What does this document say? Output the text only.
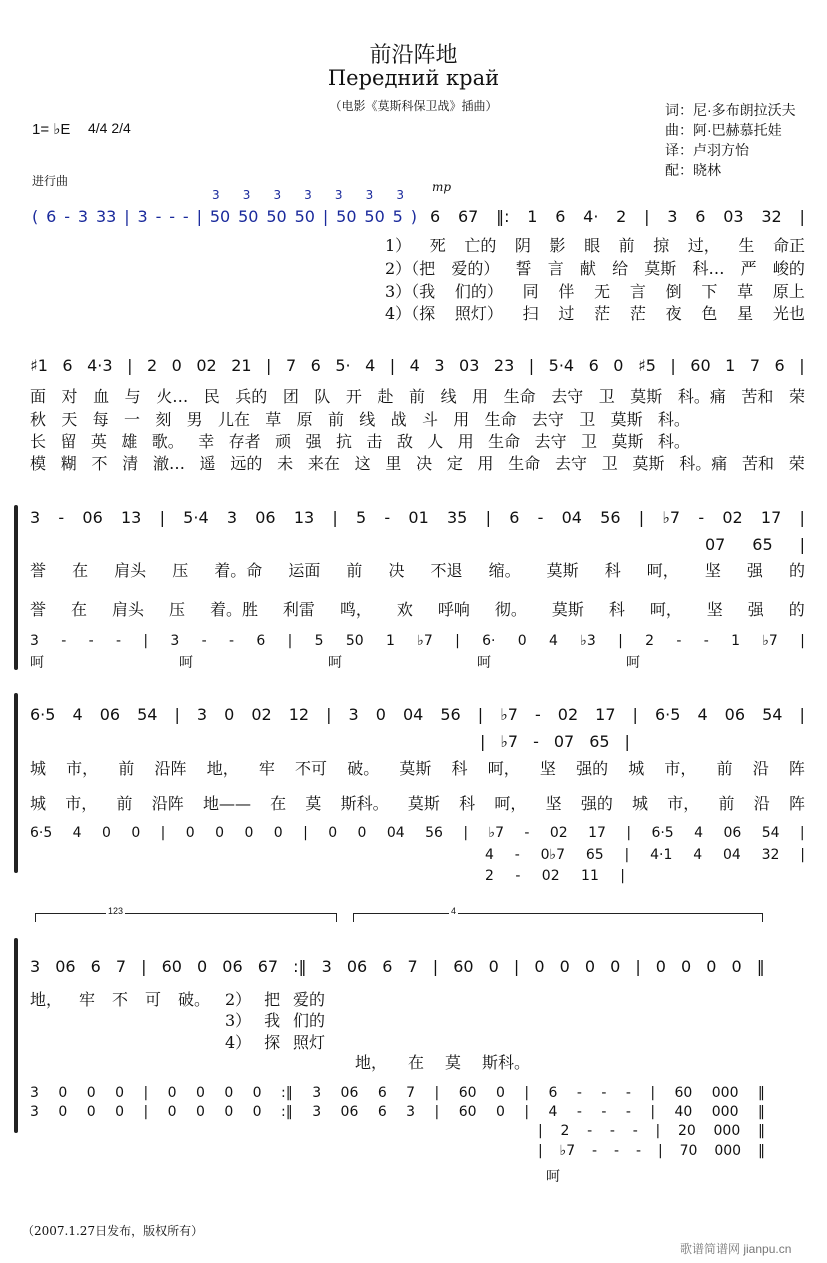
前沿阵地
Передний край
（电影《莫斯科保卫战》插曲）
1= ♭E 4/4 2/4
词：尼·多布朗拉沃夫
曲：阿·巴赫慕托娃
译：卢羽方怡
配：晓林
进行曲	mp
3 3 3 3 3 3 3
( 6 - 3 33 | 3 - - - | 50 50 50 50 | 50 50 5 ) 6 67 ‖: 1 6 4· 2 | 3 6 03 32 |
1） 死 亡的 阴 影 眼 前 掠 过， 生 命正
2）（把 爱的） 誓 言 献 给 莫斯 科… 严 峻的
3）（我 们的） 同 伴 无 言 倒 下 草 原上
4）（探 照灯） 扫 过 茫 茫 夜 色 星 光也
♯1 6 4·3 | 2 0 02 21 | 7 6 5· 4 | 4 3 03 23 | 5·4 6 0 ♯5 | 60 1 7 6 |
面 对 血 与 火… 民 兵的 团 队 开 赴 前 线 用 生命 去守 卫 莫斯 科。痛 苦和 荣
秋 天 每 一 刻 男 儿在 草 原 前 线 战 斗 用 生命 去守 卫 莫斯 科。
长 留 英 雄 歌。 幸 存者 顽 强 抗 击 敌 人 用 生命 去守 卫 莫斯 科。
模 糊 不 清 澈… 遥 远的 未 来在 这 里 决 定 用 生命 去守 卫 莫斯 科。痛 苦和 荣
3 - 06 13 | 5·4 3 06 13 | 5 - 01 35 | 6 - 04 56 | ♭7 - 02 17 |
07 65 |
誉 在 肩头 压 着。命 运面 前 决 不退 缩。 莫斯 科 呵， 坚 强 的
誉 在 肩头 压 着。胜 利雷 鸣， 欢 呼响 彻。 莫斯 科 呵， 坚 强 的
3 - - - | 3 - - 6 | 5 50 1 ♭7 | 6· 0 4 ♭3 | 2 - - 1 ♭7 |
呵	呵	呵	呵	呵
6·5 4 06 54 | 3 0 02 12 | 3 0 04 56 | ♭7 - 02 17 | 6·5 4 06 54 |
| ♭7 - 07 65 |
城 市， 前 沿阵 地， 牢 不可 破。 莫斯 科 呵， 坚 强的 城 市， 前 沿 阵
城 市， 前 沿阵 地—— 在 莫 斯科。 莫斯 科 呵， 坚 强的 城 市， 前 沿 阵
6·5 4 0 0 | 0 0 0 0 | 0 0 04 56 | ♭7 - 02 17 | 6·5 4 06 54 |
4 - 0♭7 65 | 4·1 4 04 32 |
2 - 02 11 |
123	4
3 06 6 7 | 60 0 06 67 :‖ 3 06 6 7 | 60 0 | 0 0 0 0 | 0 0 0 0 ‖
地， 牢 不 可 破。 2） 把 爱的
3） 我 们的
4） 探 照灯
地， 在 莫 斯科。
3 0 0 0 | 0 0 0 0 :‖ 3 06 6 7 | 60 0 | 6 - - - | 60 000 ‖
3 0 0 0 | 0 0 0 0 :‖ 3 06 6 3 | 60 0 | 4 - - - | 40 000 ‖
| 2 - - - | 20 000 ‖
| ♭7 - - - | 70 000 ‖
呵
（2007.1.27日发布，版权所有）
歌谱简谱网 jianpu.cn
